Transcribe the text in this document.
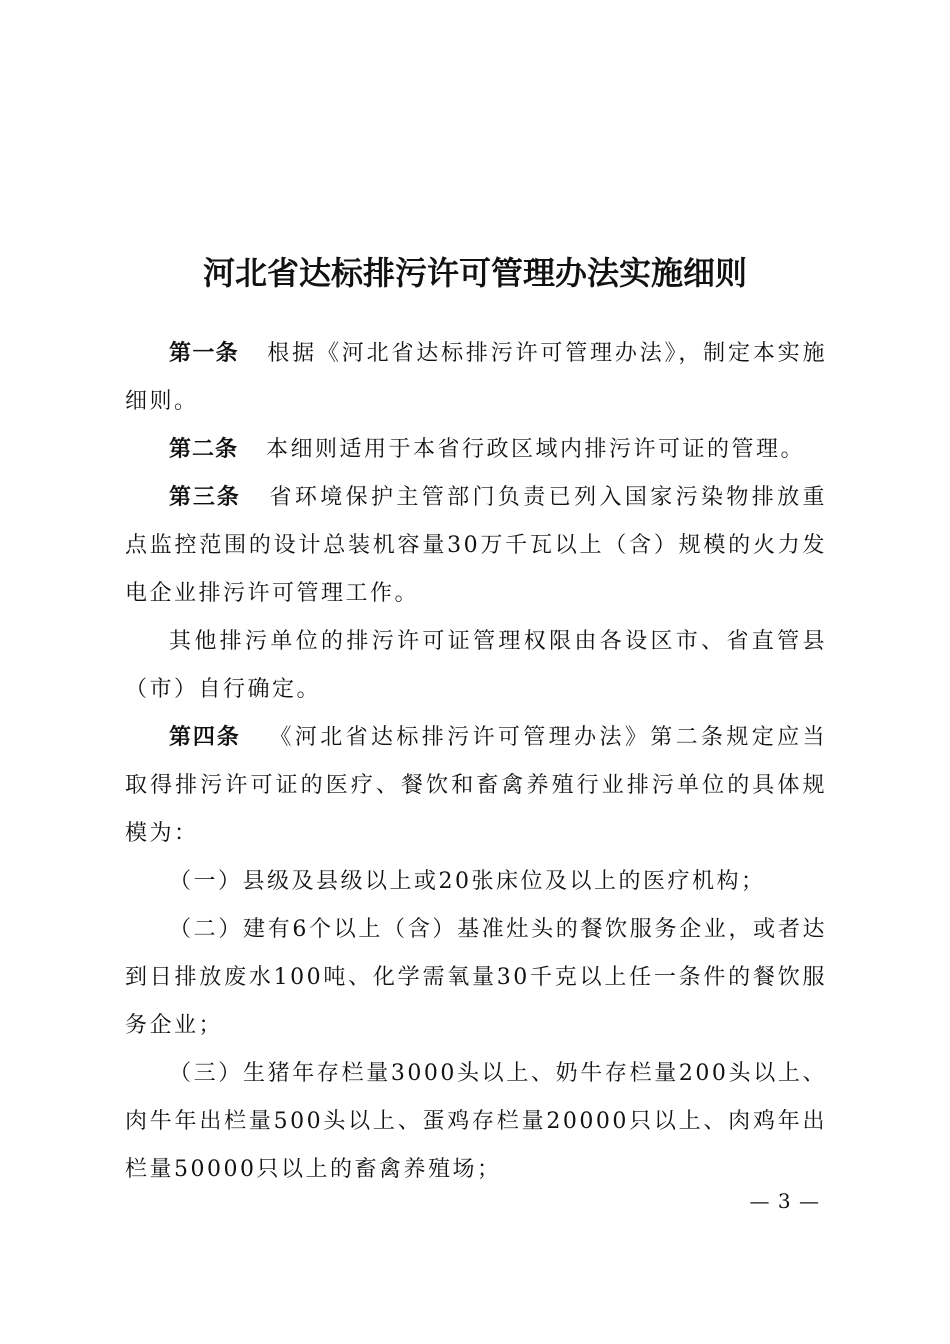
河北省达标排污许可管理办法实施细则

第一条 根据《河北省达标排污许可管理办法》，制定本实施细则。

第二条 本细则适用于本省行政区域内排污许可证的管理。

第三条 省环境保护主管部门负责已列入国家污染物排放重点监控范围的设计总装机容量30万千瓦以上（含）规模的火力发电企业排污许可管理工作。

其他排污单位的排污许可证管理权限由各设区市、省直管县（市）自行确定。

第四条 《河北省达标排污许可管理办法》第二条规定应当取得排污许可证的医疗、餐饮和畜禽养殖行业排污单位的具体规模为：

（一）县级及县级以上或20张床位及以上的医疗机构；

（二）建有6个以上（含）基准灶头的餐饮服务企业，或者达到日排放废水100吨、化学需氧量30千克以上任一条件的餐饮服务企业；

（三）生猪年存栏量3000头以上、奶牛存栏量200头以上、肉牛年出栏量500头以上、蛋鸡存栏量20000只以上、肉鸡年出栏量50000只以上的畜禽养殖场；

— 3 —
